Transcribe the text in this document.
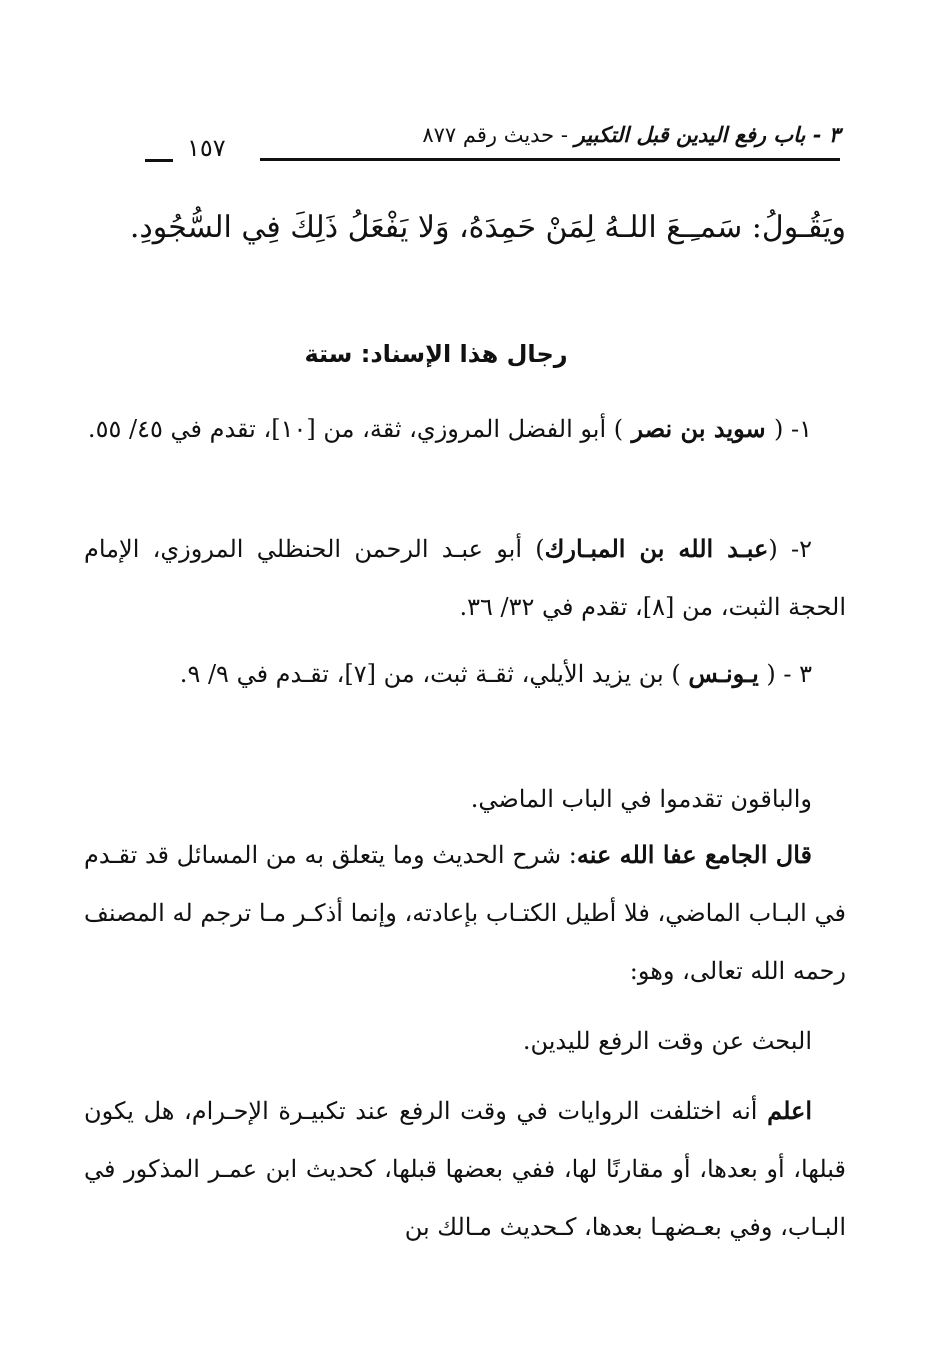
٣ - باب رفع اليدين قبل التكبير - حديث رقم ٨٧٧
١٥٧
ويَقُـولُ: سَمـِـعَ اللـهُ لِمَنْ حَمِدَهُ، وَلا يَفْعَلُ ذَلِكَ فِي السُّجُودِ.
رجال هذا الإسناد: ستة
١- ( سويد بن نصر ) أبو الفضل المروزي، ثقة، من [١٠]، تقدم في ٤٥/ ٥٥.
٢- (عبـد الله بن المبـارك) أبو عبـد الرحمن الحنظلي المروزي، الإمام الحجة الثبت، من [٨]، تقدم في ٣٢/ ٣٦.
٣ - ( يـونـس ) بن يزيد الأيلي، ثقـة ثبت، من [٧]، تقـدم في ٩/ ٩.
والباقون تقدموا في الباب الماضي.
قال الجامع عفا الله عنه: شرح الحديث وما يتعلق به من المسائل قد تقـدم في البـاب الماضي، فلا أطيل الكتـاب بإعادته، وإنما أذكـر مـا ترجم له المصنف رحمه الله تعالى، وهو:
البحث عن وقت الرفع لليدين.
اعلم أنه اختلفت الروايات في وقت الرفع عند تكبيـرة الإحـرام، هل يكون قبلها، أو بعدها، أو مقارنًا لها، ففي بعضها قبلها، كحديث ابن عمـر المذكور في البـاب، وفي بعـضهـا بعدها، كـحديث مـالك بن
